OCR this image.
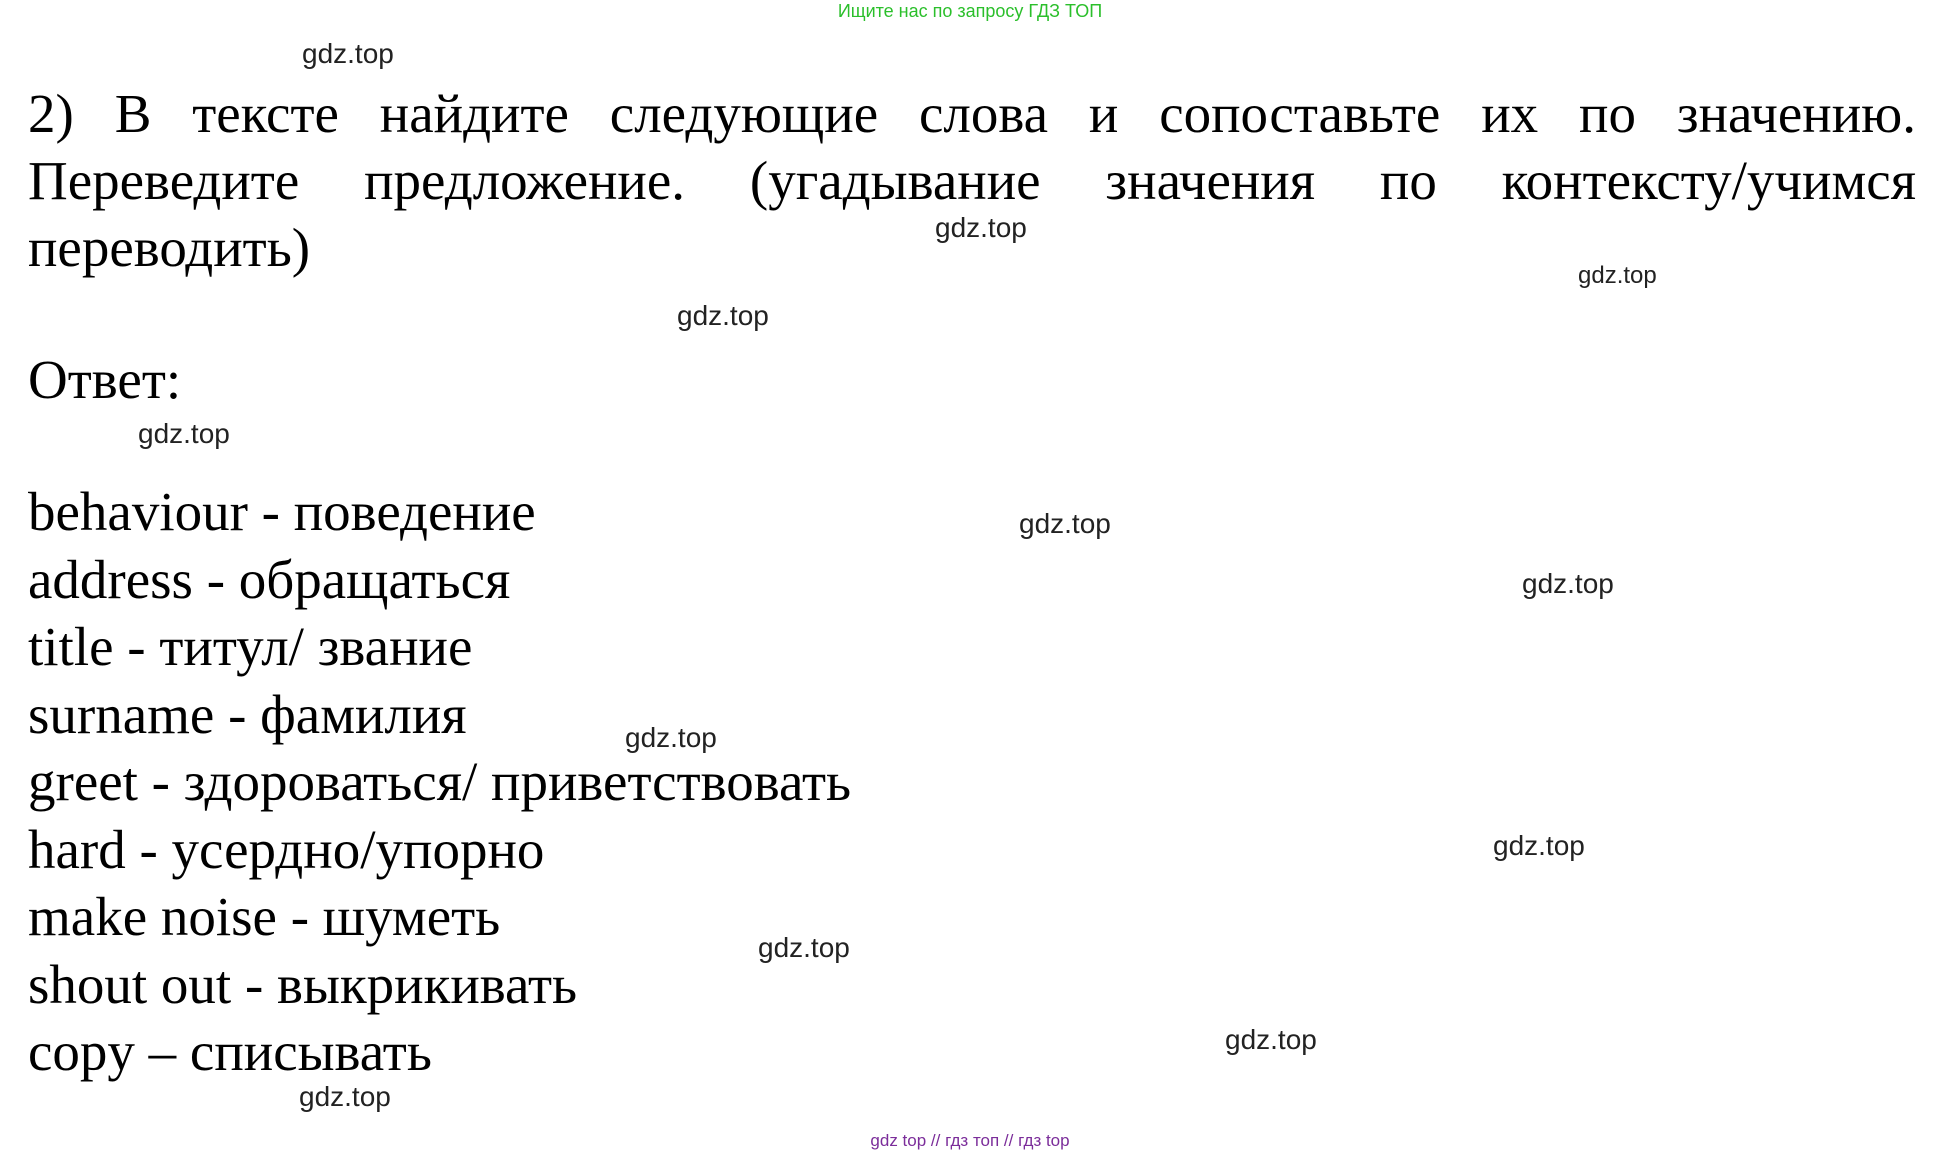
Ищите нас по запросу ГДЗ ТОП

2) В тексте найдите следующие слова и сопоставьте их по значению. Переведите предложение. (угадывание значения по контексту/учимся переводить)

Ответ:

behaviour - поведение
address - обращаться
title - титул/ звание
surname - фамилия
greet - здороваться/ приветствовать
hard - усердно/упорно
make noise - шуметь
shout out - выкрикивать
copy – списывать
gdz.top
gdz.top
gdz.top
gdz.top
gdz.top
gdz.top
gdz.top
gdz.top
gdz.top
gdz.top
gdz.top
gdz.top
gdz top // гдз топ // гдз top
